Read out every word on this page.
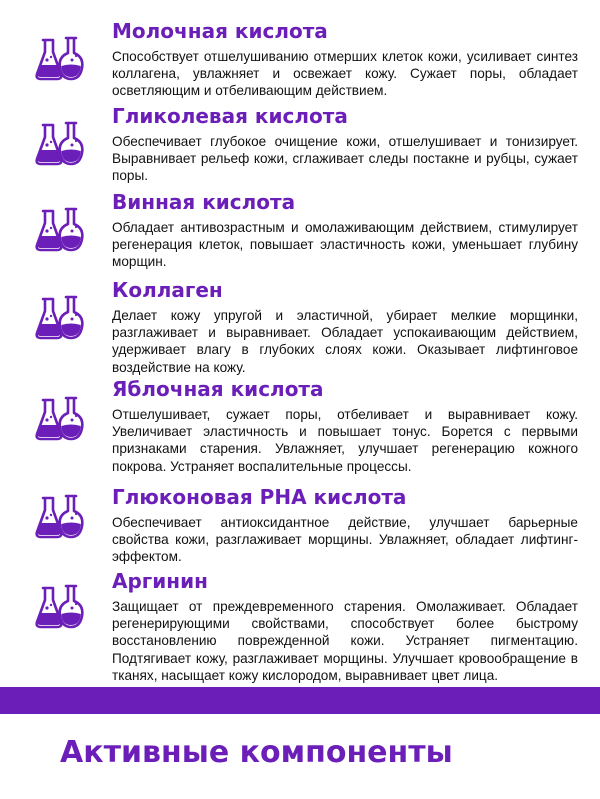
Молочная кислота

Способствует отшелушиванию отмерших клеток кожи, усиливает синтез коллагена, увлажняет и освежает кожу. Сужает поры, обладает осветляющим и отбеливающим действием.

Гликолевая кислота

Обеспечивает глубокое очищение кожи, отшелушивает и тонизирует. Выравнивает рельеф кожи, сглаживает следы постакне и рубцы, сужает поры.

Винная кислота

Обладает антивозрастным и омолаживающим действием, стимулирует регенерация клеток, повышает эластичность кожи, уменьшает глубину морщин.

Коллаген

Делает кожу упругой и эластичной, убирает мелкие морщинки, разглаживает и выравнивает. Обладает успокаивающим действием, удерживает влагу в глубоких слоях кожи. Оказывает лифтинговое воздействие на кожу.

Яблочная кислота

Отшелушивает, сужает поры, отбеливает и выравнивает кожу. Увеличивает эластичность и повышает тонус. Борется с первыми признаками старения. Увлажняет, улучшает регенерацию кожного покрова. Устраняет воспалительные процессы.

Глюконовая PHA кислота

Обеспечивает антиоксидантное действие, улучшает барьерные свойства кожи, разглаживает морщины. Увлажняет, обладает лифтинг-эффектом.

Аргинин

Защищает от преждевременного старения. Омолаживает. Обладает регенерирующими свойствами, способствует более быстрому восстановлению поврежденной кожи. Устраняет пигментацию. Подтягивает кожу, разглаживает морщины. Улучшает кровообращение в тканях, насыщает кожу кислородом, выравнивает цвет лица.

Активные компоненты
